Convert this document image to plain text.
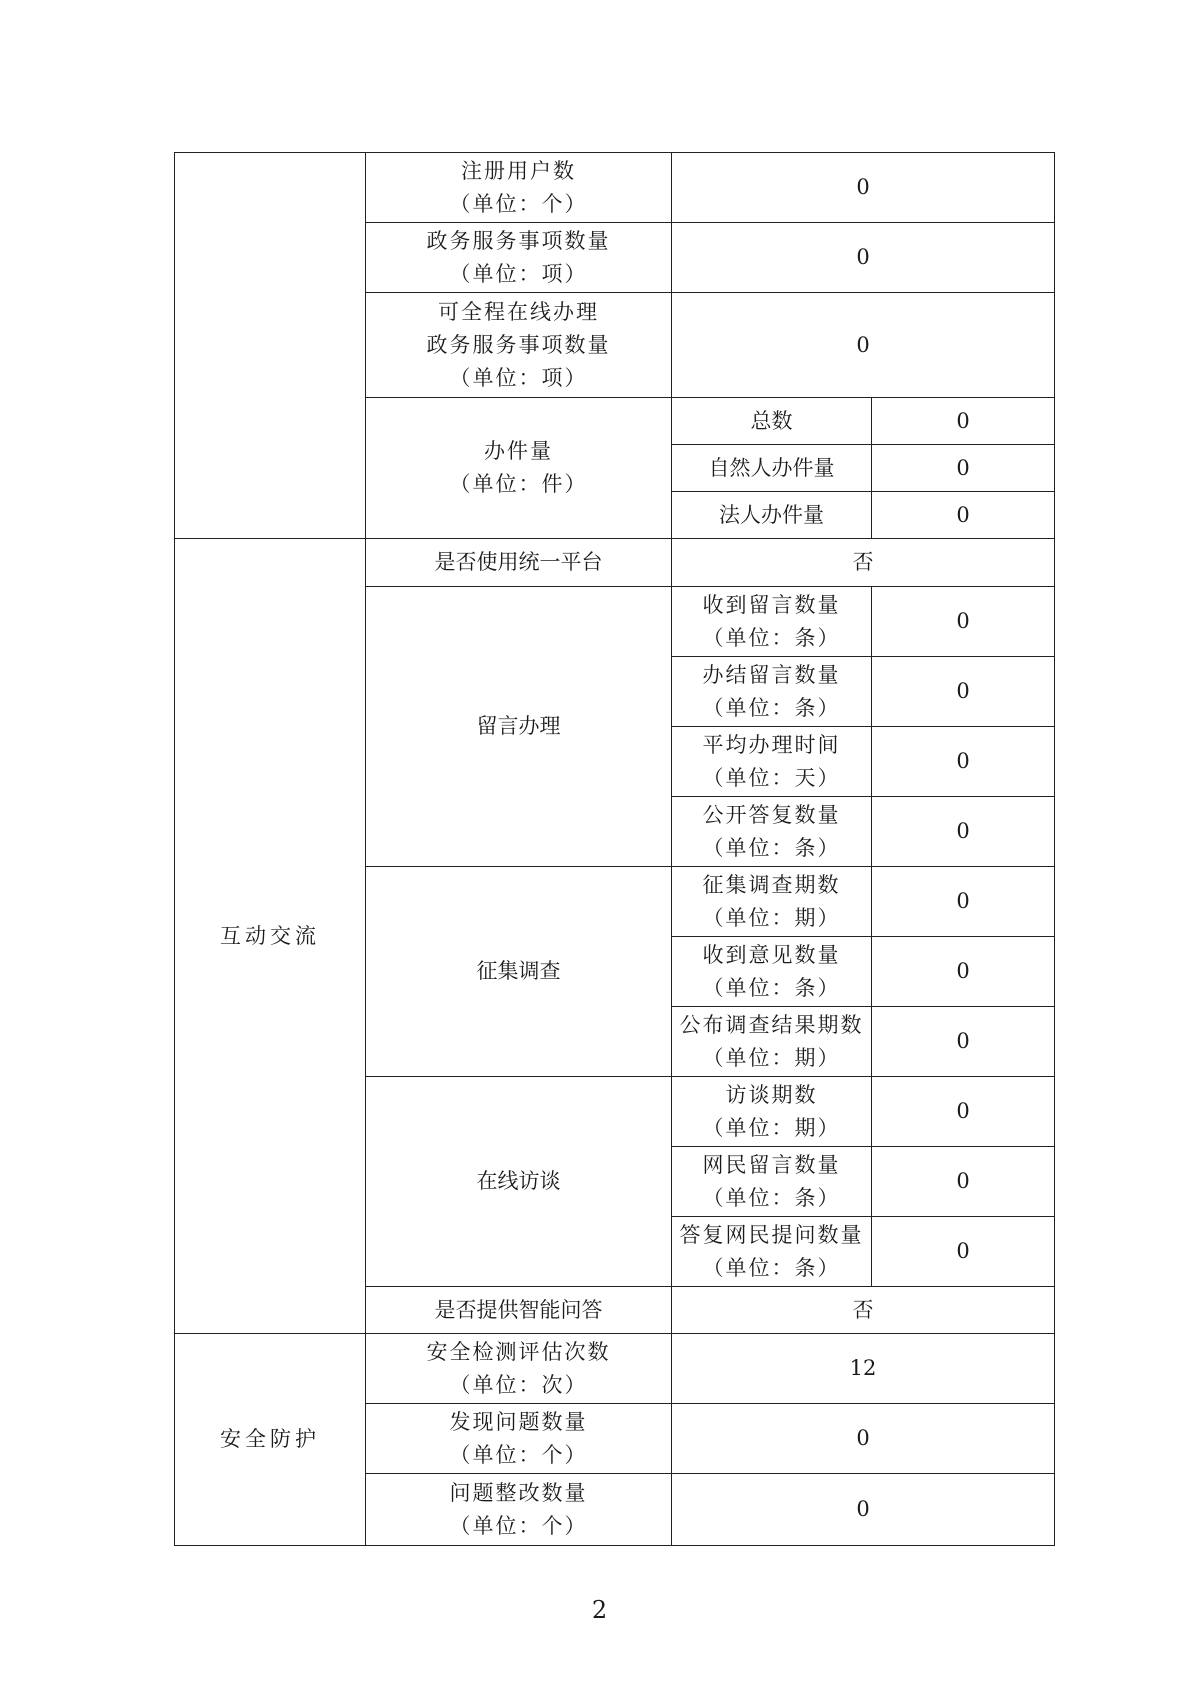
	注册用户数
（单位：个）	0	

	政务服务事项数量
（单位：项）	0	

	可全程在线办理
政务服务事项数量
（单位：项）	0	

	办件量
（单位：件）	总数	0
		自然人办件量	0
		法人办件量	0
互动交流	是否使用统一平台	否	
	留言办理	收到留言数量
（单位：条）	0

		办结留言数量
（单位：条）	0

		平均办理时间
（单位：天）	0

		公开答复数量
（单位：条）	0
	征集调查	征集调查期数
（单位：期）	0

		收到意见数量
（单位：条）	0

		公布调查结果期数
（单位：期）	0
	在线访谈	访谈期数
（单位：期）	0

		网民留言数量
（单位：条）	0

		答复网民提问数量
（单位：条）	0
	是否提供智能问答	否	
安全防护	安全检测评估次数
（单位：次）	12	

	发现问题数量
（单位：个）	0	

	问题整改数量
（单位：个）	0	
2
